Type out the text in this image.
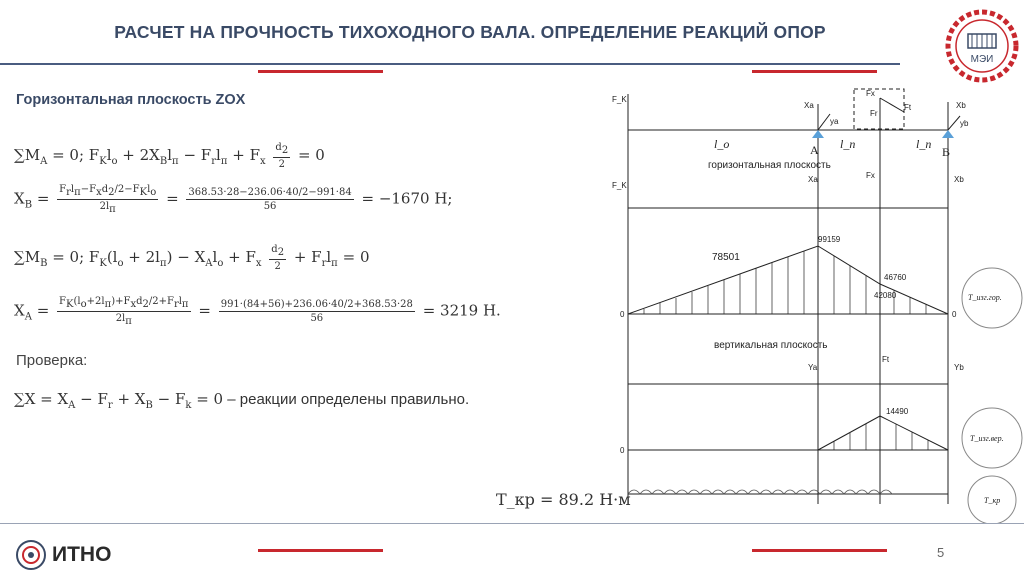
РАСЧЕТ НА ПРОЧНОСТЬ ТИХОХОДНОГО ВАЛА. ОПРЕДЕЛЕНИЕ РЕАКЦИЙ ОПОР
МЭИ
Горизонтальная плоскость ZOX
$\sum M_A = 0$; $F_Kl_o + 2X_Bl_п - F_rl_п + F_x \frac{d_2}{2} = 0$
$X_B = \frac{F_rl_п-F_xd_2/2-F_Kl_o}{2l_п} = \frac{368.53\cdot 28-236.06\cdot 40/2-991\cdot 84}{56} = -1670$ Н;
$\sum M_B = 0$; $F_K(l_o + 2l_п) - X_Al_o + F_x \frac{d_2}{2} + F_rl_п = 0$
$X_A = \frac{F_K(l_o+2l_п)+F_xd_2/2+F_rl_п}{2l_п} = \frac{991\cdot(84+56)+236.06\cdot 40/2+368.53\cdot 28}{56} = 3219$ Н.
Проверка:
$\sum X = X_A - F_r + X_B - F_k = 0$ – реакции определены правильно.
F_K
F_K
Xa	Xb
ya	yb
Fx
Fr
Ft
Xa	Xb
Fx
Ya	Yb
Ft
0	0
0
99159
46760
42080
14490
l_o	l_п	l_п
A	B
горизонтальная плоскость
вертикальная плоскость
78501
T_изг.гор.
T_изг.вер.
T_кр
T_кр = 89.2 Н·м
ИТНО	5
